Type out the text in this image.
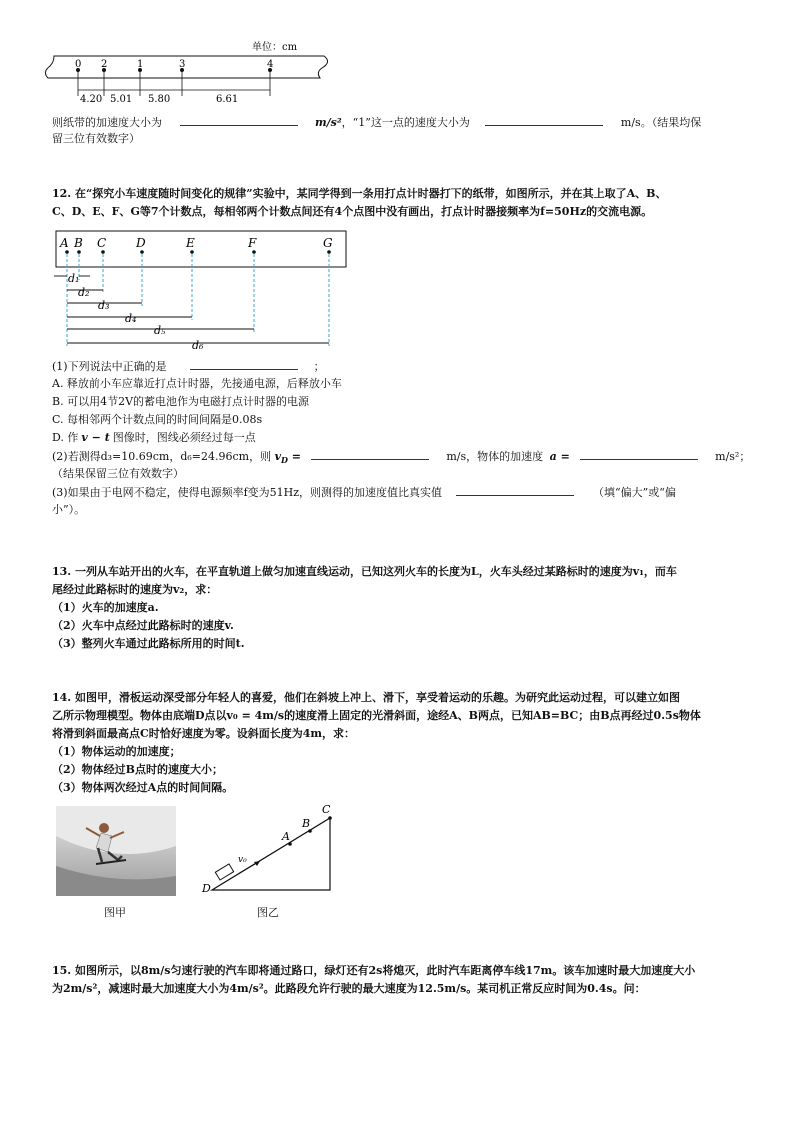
单位：cm
0 2	1	3	4
4.20 5.01 5.80	6.61
则纸带的加速度大小为	m/s²，“1”这一点的速度大小为	m/s。（结果均保
留三位有效数字）
12. 在“探究小车速度随时间变化的规律”实验中，某同学得到一条用打点计时器打下的纸带，如图所示，并在其上取了A、B、
C、D、E、F、G等7个计数点，每相邻两个计数点间还有4个点图中没有画出，打点计时器接频率为f=50Hz的交流电源。
A B C D	E	F	G
d₁
d₂
d₃
d₄
d₅
d₆
(1)下列说法中正确的是	；
A. 释放前小车应靠近打点计时器，先接通电源，后释放小车
B. 可以用4节2V的蓄电池作为电磁打点计时器的电源
C. 每相邻两个计数点间的时间间隔是0.08s
D. 作 v − t 图像时，图线必须经过每一点
(2)若测得d₃=10.69cm，d₆=24.96cm，则 $v_D$ =	m/s，物体的加速度 a =	m/s²；
（结果保留三位有效数字）
(3)如果由于电网不稳定，使得电源频率f变为51Hz，则测得的加速度值比真实值	（填“偏大”或“偏
小”）。
13. 一列从车站开出的火车，在平直轨道上做匀加速直线运动，已知这列火车的长度为L，火车头经过某路标时的速度为v₁，而车
尾经过此路标时的速度为v₂，求：
（1）火车的加速度a.
（2）火车中点经过此路标时的速度v.
（3）整列火车通过此路标所用的时间t.
14. 如图甲，滑板运动深受部分年轻人的喜爱，他们在斜坡上冲上、滑下，享受着运动的乐趣。为研究此运动过程，可以建立如图
乙所示物理模型。物体由底端D点以v₀ = 4m/s的速度滑上固定的光滑斜面，途经A、B两点，已知AB=BC；由B点再经过0.5s物体
将滑到斜面最高点C时恰好速度为零。设斜面长度为4m，求：
（1）物体运动的加速度；
（2）物体经过B点时的速度大小；
（3）物体两次经过A点的时间间隔。
图甲
C
B
A
v₀
D
图乙
15. 如图所示，以8m/s匀速行驶的汽车即将通过路口，绿灯还有2s将熄灭，此时汽车距离停车线17m。该车加速时最大加速度大小
为2m/s²，减速时最大加速度大小为4m/s²。此路段允许行驶的最大速度为12.5m/s。某司机正常反应时间为0.4s。问：
